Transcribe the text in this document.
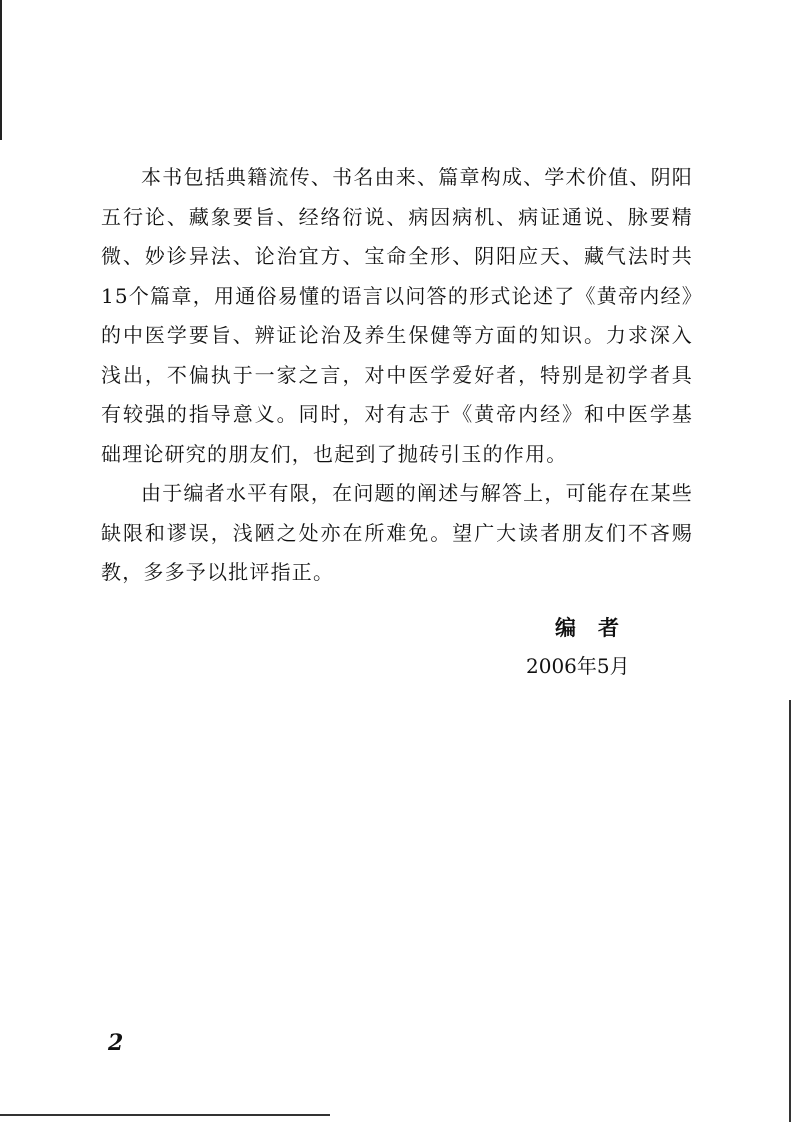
本书包括典籍流传、书名由来、篇章构成、学术价值、阴阳五行论、藏象要旨、经络衍说、病因病机、病证通说、脉要精微、妙诊异法、论治宜方、宝命全形、阴阳应天、藏气法时共15个篇章，用通俗易懂的语言以问答的形式论述了《黄帝内经》的中医学要旨、辨证论治及养生保健等方面的知识。力求深入浅出，不偏执于一家之言，对中医学爱好者，特别是初学者具有较强的指导意义。同时，对有志于《黄帝内经》和中医学基础理论研究的朋友们，也起到了抛砖引玉的作用。

由于编者水平有限，在问题的阐述与解答上，可能存在某些缺限和谬误，浅陋之处亦在所难免。望广大读者朋友们不吝赐教，多多予以批评指正。

编者
2006年5月
2
